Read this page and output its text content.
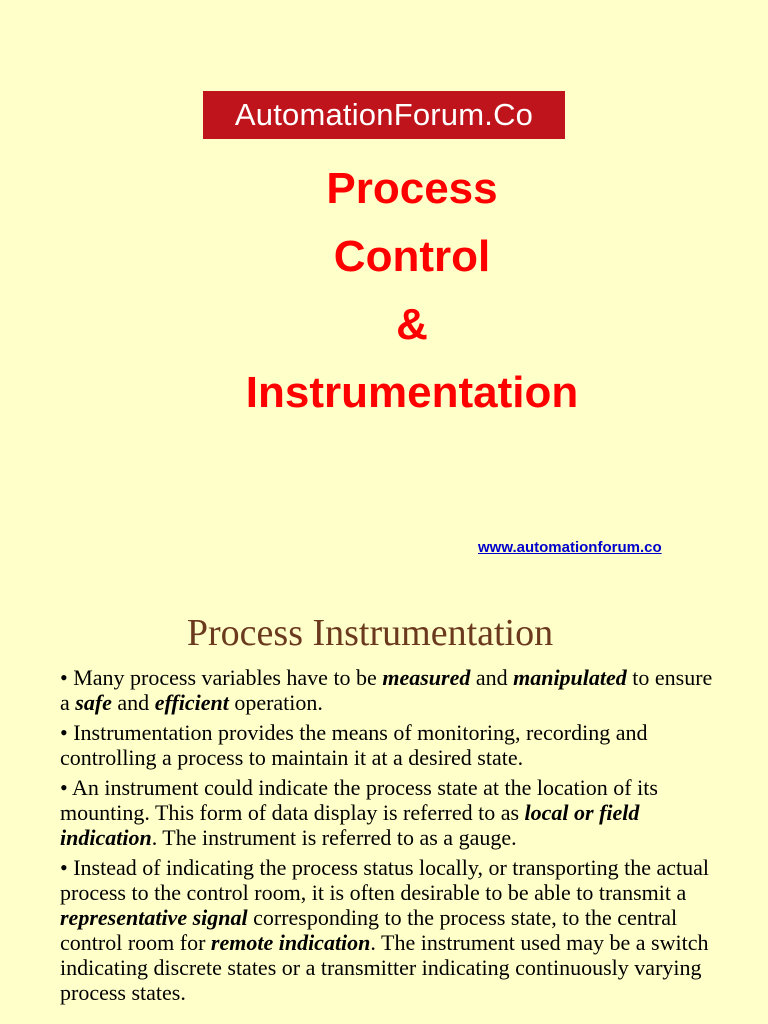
AutomationForum.Co
Process
Control
&
Instrumentation
www.automationforum.co
Process Instrumentation

• Many process variables have to be measured and manipulated to ensure a safe and efficient operation.

• Instrumentation provides the means of monitoring, recording and controlling a process to maintain it at a desired state.

• An instrument could indicate the process state at the location of its mounting. This form of data display is referred to as local or field indication. The instrument is referred to as a gauge.

• Instead of indicating the process status locally, or transporting the actual process to the control room, it is often desirable to be able to transmit a representative signal corresponding to the process state, to the central control room for remote indication. The instrument used may be a switch indicating discrete states or a transmitter indicating continuously varying process states.
